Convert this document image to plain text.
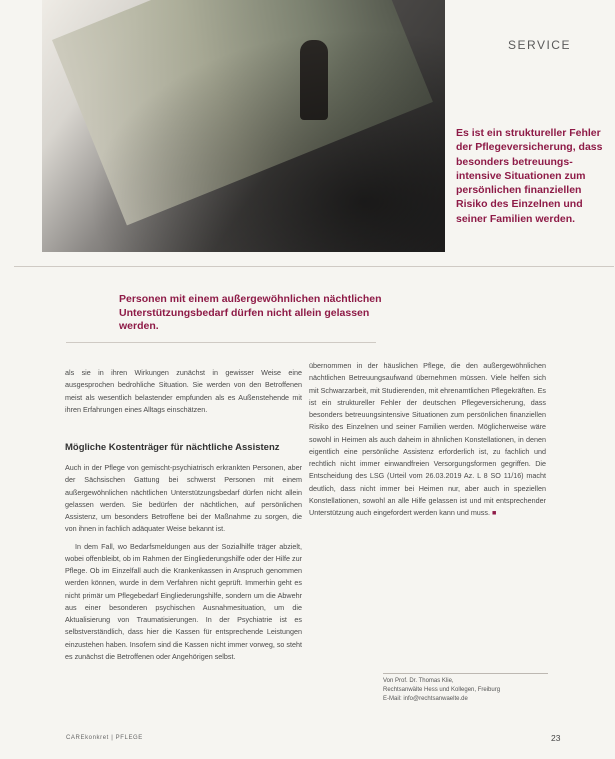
SERVICE
Es ist ein struktureller Fehler der Pflegeversicherung, dass besonders betreuungsintensive Situationen zum persönlichen finanziellen Risiko des Einzelnen und seiner Familien werden.
Personen mit einem außergewöhnlichen nächtlichen Unterstützungsbedarf dürfen nicht allein gelassen werden.

als sie in ihren Wirkungen zunächst in gewisser Weise eine ausgesprochen bedrohliche Situation. Sie werden von den Betroffenen meist als wesentlich belastender empfunden als es Außenstehende mit ihren Erfahrungen eines Alltags einschätzen.

Mögliche Kostenträger für nächtliche Assistenz

Auch in der Pflege von gemischt-psychiatrisch erkrankten Personen, aber der Sächsischen Gattung bei schwerst Personen mit einem außergewöhnlichen nächtlichen Unterstützungsbedarf dürfen nicht allein gelassen werden. Sie bedürfen der nächtlichen, auf persönlichen Assistenz, um besonders Betroffene bei der Maßnahme zu sorgen, die von ihnen in fachlich adäquater Weise bekannt ist.

In dem Fall, wo Bedarfsmeldungen aus der Sozialhilfe träger abzielt, wobei offenbleibt, ob im Rahmen der Eingliederungshilfe oder der Hilfe zur Pflege. Ob im Einzelfall auch die Krankenkassen in Anspruch genommen werden können, wurde in dem Verfahren nicht geprüft. Immerhin geht es nicht primär um Pflegebedarf Eingliederungshilfe, sondern um die Abwehr aus einer besonderen psychischen Ausnahmesituation, um die Aktualisierung von Traumatisierungen. In der Psychiatrie ist es selbstverständlich, dass hier die Kassen für entsprechende Leistungen einzustehen haben. Insofern sind die Kassen nicht immer vorweg, so steht es zunächst die Betroffenen oder Angehörigen selbst.

übernommen in der häuslichen Pflege, die den außergewöhnlichen nächtlichen Betreuungsaufwand übernehmen müssen. Viele helfen sich mit Schwarzarbeit, mit Studierenden, mit ehrenamtlichen Pflegekräften. Es ist ein struktureller Fehler der deutschen Pflegeversicherung, dass besonders betreuungsintensive Situationen zum persönlichen finanziellen Risiko des Einzelnen und seiner Familien werden. Möglicherweise wäre sowohl in Heimen als auch daheim in ähnlichen Konstellationen, in denen eigentlich eine persönliche Assistenz erforderlich ist, zu fachlich und rechtlich nicht immer einwandfreien Versorgungsformen gegriffen. Die Entscheidung des LSG (Urteil vom 26.03.2019 Az. L 8 SO 11/16) macht deutlich, dass nicht immer bei Heimen nur, aber auch in speziellen Konstellationen, sowohl an alle Hilfe gelassen ist und mit entsprechender Unterstützung auch eingefordert werden kann und muss. ■

Von Prof. Dr. Thomas Klie,
Rechtsanwälte Hess und Kollegen, Freiburg
E-Mail: info@rechtsanwaelte.de
CAREkonkret | PFLEGE	23
